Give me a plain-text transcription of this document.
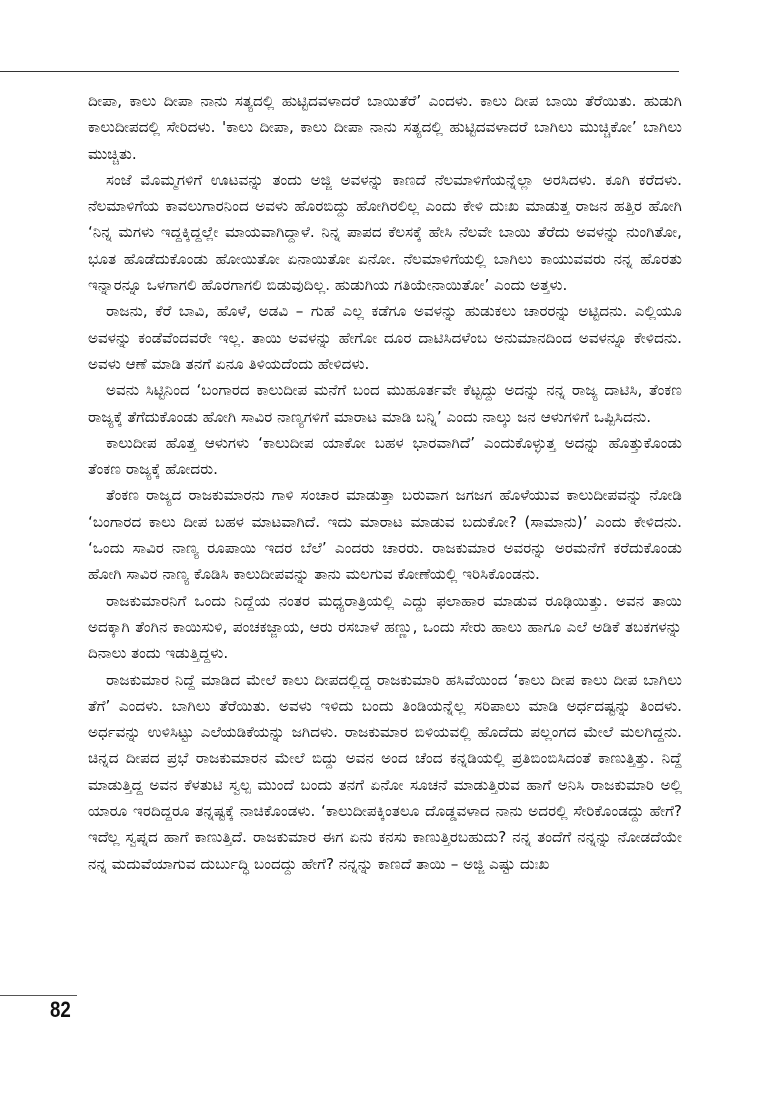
ದೀಪಾ, ಕಾಲು ದೀಪಾ ನಾನು ಸತ್ಯದಲ್ಲಿ ಹುಟ್ಟಿದವಳಾದರೆ ಬಾಯಿತೆರೆ’ ಎಂದಳು. ಕಾಲು ದೀಪ ಬಾಯಿ ತೆರೆಯಿತು. ಹುಡುಗಿ ಕಾಲುದೀಪದಲ್ಲಿ ಸೇರಿದಳು. 'ಕಾಲು ದೀಪಾ, ಕಾಲು ದೀಪಾ ನಾನು ಸತ್ಯದಲ್ಲಿ ಹುಟ್ಟಿದವಳಾದರೆ ಬಾಗಿಲು ಮುಚ್ಚಿಕೋ’ ಬಾಗಿಲು ಮುಚ್ಚಿತು.

ಸಂಜೆ ಮೊಮ್ಮಗಳಿಗೆ ಊಟವನ್ನು ತಂದು ಅಜ್ಜಿ ಅವಳನ್ನು ಕಾಣದೆ ನೆಲಮಾಳಿಗೆಯನ್ನೆಲ್ಲಾ ಅರಸಿದಳು. ಕೂಗಿ ಕರೆದಳು. ನೆಲಮಾಳಿಗೆಯ ಕಾವಲುಗಾರನಿಂದ ಅವಳು ಹೊರಬಿದ್ದು ಹೋಗಿರಲಿಲ್ಲ ಎಂದು ಕೇಳಿ ದುಃಖ ಮಾಡುತ್ತ ರಾಜನ ಹತ್ತಿರ ಹೋಗಿ ‘ನಿನ್ನ ಮಗಳು ಇದ್ದಕ್ಕಿದ್ದಲ್ಲೇ ಮಾಯವಾಗಿದ್ದಾಳೆ. ನಿನ್ನ ಪಾಪದ ಕೆಲಸಕ್ಕೆ ಹೇಸಿ ನೆಲವೇ ಬಾಯಿ ತೆರೆದು ಅವಳನ್ನು ನುಂಗಿತೋ, ಭೂತ ಹೊಡೆದುಕೊಂಡು ಹೋಯಿತೋ ಏನಾಯಿತೋ ಏನೋ. ನೆಲಮಾಳಿಗೆಯಲ್ಲಿ ಬಾಗಿಲು ಕಾಯುವವರು ನನ್ನ ಹೊರತು ಇನ್ನಾರನ್ನೂ ಒಳಗಾಗಲಿ ಹೊರಗಾಗಲಿ ಬಿಡುವುದಿಲ್ಲ. ಹುಡುಗಿಯ ಗತಿಯೇನಾಯಿತೋ’ ಎಂದು ಅತ್ತಳು.

ರಾಜನು, ಕೆರೆ ಬಾವಿ, ಹೊಳೆ, ಅಡವಿ – ಗುಹೆ ಎಲ್ಲ ಕಡೆಗೂ ಅವಳನ್ನು ಹುಡುಕಲು ಚಾರರನ್ನು ಅಟ್ಟಿದನು. ಎಲ್ಲಿಯೂ ಅವಳನ್ನು ಕಂಡೆವೆಂದವರೇ ಇಲ್ಲ. ತಾಯಿ ಅವಳನ್ನು ಹೇಗೋ ದೂರ ದಾಟಿಸಿದಳೆಂಬ ಅನುಮಾನದಿಂದ ಅವಳನ್ನೂ ಕೇಳಿದನು. ಅವಳು ಆಣೆ ಮಾಡಿ ತನಗೆ ಏನೂ ತಿಳಿಯದೆಂದು ಹೇಳಿದಳು.

ಅವನು ಸಿಟ್ಟಿನಿಂದ ‘ಬಂಗಾರದ ಕಾಲುದೀಪ ಮನೆಗೆ ಬಂದ ಮುಹೂರ್ತವೇ ಕೆಟ್ಟದ್ದು ಅದನ್ನು ನನ್ನ ರಾಜ್ಯ ದಾಟಿಸಿ, ತೆಂಕಣ ರಾಜ್ಯಕ್ಕೆ ತೆಗೆದುಕೊಂಡು ಹೋಗಿ ಸಾವಿರ ನಾಣ್ಯಗಳಿಗೆ ಮಾರಾಟ ಮಾಡಿ ಬನ್ನಿ’ ಎಂದು ನಾಲ್ಕು ಜನ ಆಳುಗಳಿಗೆ ಒಪ್ಪಿಸಿದನು.

ಕಾಲುದೀಪ ಹೊತ್ತ ಆಳುಗಳು ‘ಕಾಲುದೀಪ ಯಾಕೋ ಬಹಳ ಭಾರವಾಗಿದೆ’ ಎಂದುಕೊಳ್ಳುತ್ತ ಅದನ್ನು ಹೊತ್ತುಕೊಂಡು ತೆಂಕಣ ರಾಜ್ಯಕ್ಕೆ ಹೋದರು.

ತೆಂಕಣ ರಾಜ್ಯದ ರಾಜಕುಮಾರನು ಗಾಳಿ ಸಂಚಾರ ಮಾಡುತ್ತಾ ಬರುವಾಗ ಜಗಜಗ ಹೊಳೆಯುವ ಕಾಲುದೀಪವನ್ನು ನೋಡಿ ‘ಬಂಗಾರದ ಕಾಲು ದೀಪ ಬಹಳ ಮಾಟವಾಗಿದೆ. ಇದು ಮಾರಾಟ ಮಾಡುವ ಬದುಕೋ? (ಸಾಮಾನು)’ ಎಂದು ಕೇಳಿದನು. ‘ಒಂದು ಸಾವಿರ ನಾಣ್ಯ ರೂಪಾಯಿ ಇದರ ಬೆಲೆ’ ಎಂದರು ಚಾರರು. ರಾಜಕುಮಾರ ಅವರನ್ನು ಅರಮನೆಗೆ ಕರೆದುಕೊಂಡು ಹೋಗಿ ಸಾವಿರ ನಾಣ್ಯ ಕೊಡಿಸಿ ಕಾಲುದೀಪವನ್ನು ತಾನು ಮಲಗುವ ಕೋಣೆಯಲ್ಲಿ ಇರಿಸಿಕೊಂಡನು.

ರಾಜಕುಮಾರನಿಗೆ ಒಂದು ನಿದ್ದೆಯ ನಂತರ ಮಧ್ಯರಾತ್ರಿಯಲ್ಲಿ ಎದ್ದು ಫಲಾಹಾರ ಮಾಡುವ ರೂಢಿಯಿತ್ತು. ಅವನ ತಾಯಿ ಅದಕ್ಕಾಗಿ ತೆಂಗಿನ ಕಾಯಿಸುಳಿ, ಪಂಚಕಜ್ಜಾಯ, ಆರು ರಸಬಾಳೆ ಹಣ್ಣು, ಒಂದು ಸೇರು ಹಾಲು ಹಾಗೂ ಎಲೆ ಅಡಿಕೆ ತಬಕಗಳನ್ನು ದಿನಾಲು ತಂದು ಇಡುತ್ತಿದ್ದಳು.

ರಾಜಕುಮಾರ ನಿದ್ದೆ ಮಾಡಿದ ಮೇಲೆ ಕಾಲು ದೀಪದಲ್ಲಿದ್ದ ರಾಜಕುಮಾರಿ ಹಸಿವೆಯಿಂದ ‘ಕಾಲು ದೀಪ ಕಾಲು ದೀಪ ಬಾಗಿಲು ತೆಗೆ’ ಎಂದಳು. ಬಾಗಿಲು ತೆರೆಯಿತು. ಅವಳು ಇಳಿದು ಬಂದು ತಿಂಡಿಯನ್ನೆಲ್ಲ ಸರಿಪಾಲು ಮಾಡಿ ಅರ್ಧದಷ್ಟನ್ನು ತಿಂದಳು. ಅರ್ಧವನ್ನು ಉಳಿಸಿಟ್ಟು ಎಲೆಯಡಿಕೆಯನ್ನು ಜಗಿದಳು. ರಾಜಕುಮಾರ ಬಿಳಿಯವಲ್ಲಿ ಹೊದೆದು ಪಲ್ಲಂಗದ ಮೇಲೆ ಮಲಗಿದ್ದನು. ಚಿನ್ನದ ದೀಪದ ಪ್ರಭೆ ರಾಜಕುಮಾರನ ಮೇಲೆ ಬಿದ್ದು ಅವನ ಅಂದ ಚೆಂದ ಕನ್ನಡಿಯಲ್ಲಿ ಪ್ರತಿಬಿಂಬಿಸಿದಂತೆ ಕಾಣುತ್ತಿತ್ತು. ನಿದ್ದೆ ಮಾಡುತ್ತಿದ್ದ ಅವನ ಕೆಳತುಟಿ ಸ್ವಲ್ಪ ಮುಂದೆ ಬಂದು ತನಗೆ ಏನೋ ಸೂಚನೆ ಮಾಡುತ್ತಿರುವ ಹಾಗೆ ಅನಿಸಿ ರಾಜಕುಮಾರಿ ಅಲ್ಲಿ ಯಾರೂ ಇರದಿದ್ದರೂ ತನ್ನಷ್ಟಕ್ಕೆ ನಾಚಿಕೊಂಡಳು. ‘ಕಾಲುದೀಪಕ್ಕಿಂತಲೂ ದೊಡ್ಡವಳಾದ ನಾನು ಅದರಲ್ಲಿ ಸೇರಿಕೊಂಡದ್ದು ಹೇಗೆ? ಇದೆಲ್ಲ ಸ್ವಪ್ನದ ಹಾಗೆ ಕಾಣುತ್ತಿದೆ. ರಾಜಕುಮಾರ ಈಗ ಏನು ಕನಸು ಕಾಣುತ್ತಿರಬಹುದು? ನನ್ನ ತಂದೆಗೆ ನನ್ನನ್ನು ನೋಡದೆಯೇ ನನ್ನ ಮದುವೆಯಾಗುವ ದುರ್ಬುದ್ಧಿ ಬಂದದ್ದು ಹೇಗೆ? ನನ್ನನ್ನು ಕಾಣದೆ ತಾಯಿ – ಅಜ್ಜಿ ಎಷ್ಟು ದುಃಖ

82
